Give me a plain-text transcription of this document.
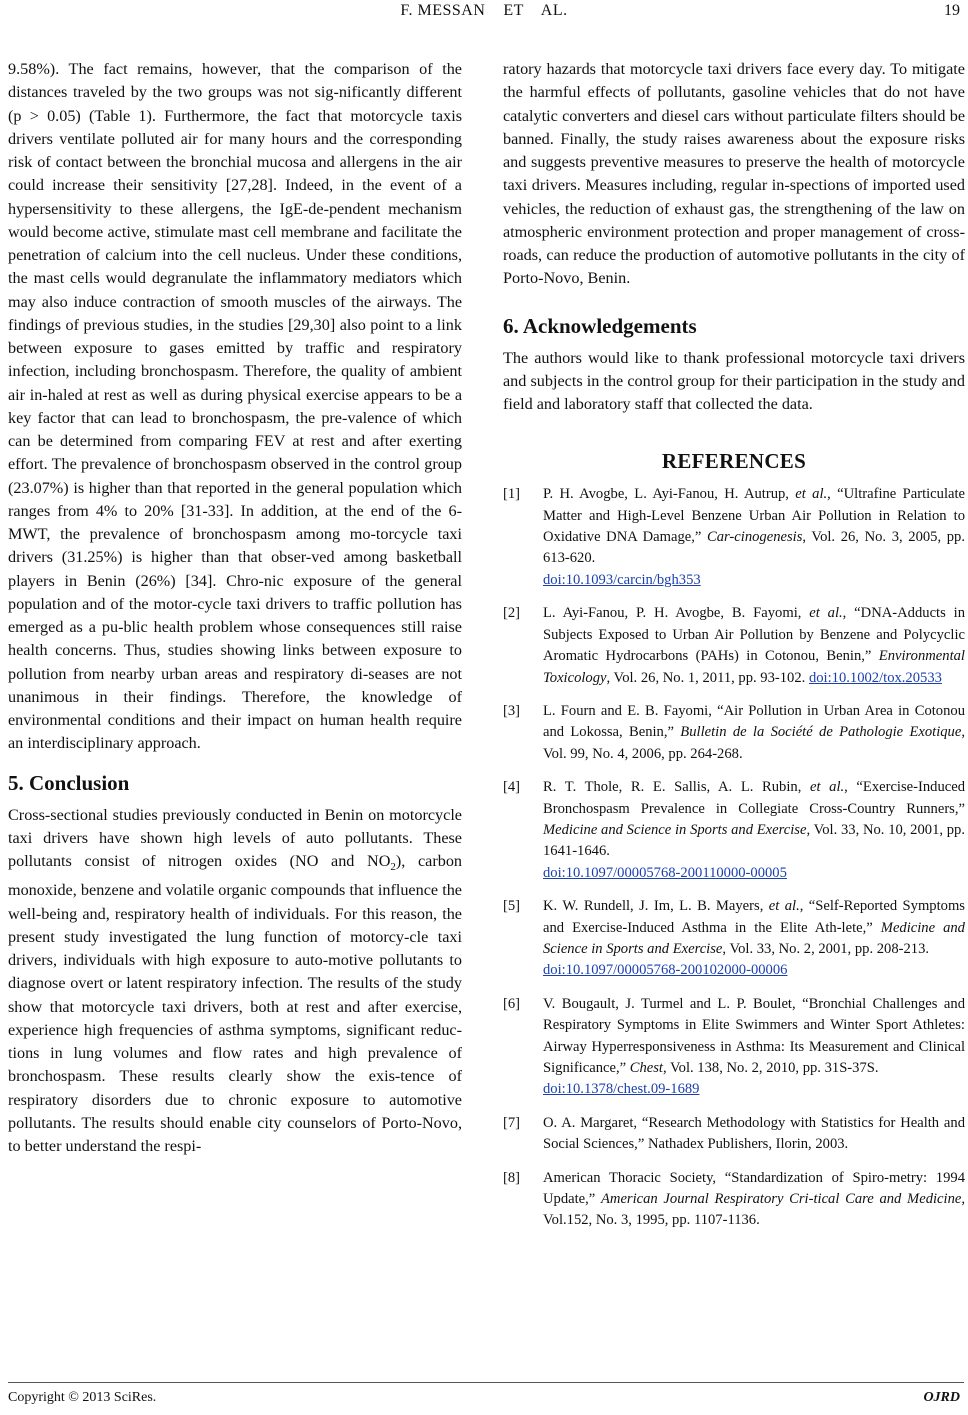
F. MESSAN    ET    AL.	19

9.58%). The fact remains, however, that the comparison of the distances traveled by the two groups was not sig-nificantly different (p > 0.05) (Table 1). Furthermore, the fact that motorcycle taxis drivers ventilate polluted air for many hours and the corresponding risk of contact between the bronchial mucosa and allergens in the air could increase their sensitivity [27,28]. Indeed, in the event of a hypersensitivity to these allergens, the IgE-de-pendent mechanism would become active, stimulate mast cell membrane and facilitate the penetration of calcium into the cell nucleus. Under these conditions, the mast cells would degranulate the inflammatory mediators which may also induce contraction of smooth muscles of the airways. The findings of previous studies, in the studies [29,30] also point to a link between exposure to gases emitted by traffic and respiratory infection, including bronchospasm. Therefore, the quality of ambient air in-haled at rest as well as during physical exercise appears to be a key factor that can lead to bronchospasm, the pre-valence of which can be determined from comparing FEV at rest and after exerting effort. The prevalence of bronchospasm observed in the control group (23.07%) is higher than that reported in the general population which ranges from 4% to 20% [31-33]. In addition, at the end of the 6-MWT, the prevalence of bronchospasm among mo-torcycle taxi drivers (31.25%) is higher than that obser-ved among basketball players in Benin (26%) [34]. Chro-nic exposure of the general population and of the motor-cycle taxi drivers to traffic pollution has emerged as a pu-blic health problem whose consequences still raise health concerns. Thus, studies showing links between exposure to pollution from nearby urban areas and respiratory di-seases are not unanimous in their findings. Therefore, the knowledge of environmental conditions and their impact on human health require an interdisciplinary approach.

5. Conclusion

Cross-sectional studies previously conducted in Benin on motorcycle taxi drivers have shown high levels of auto pollutants. These pollutants consist of nitrogen oxides (NO and $NO_2$), carbon monoxide, benzene and volatile organic compounds that influence the well-being and, respiratory health of individuals. For this reason, the present study investigated the lung function of motorcy-cle taxi drivers, individuals with high exposure to auto-motive pollutants to diagnose overt or latent respiratory infection. The results of the study show that motorcycle taxi drivers, both at rest and after exercise, experience high frequencies of asthma symptoms, significant reduc-tions in lung volumes and flow rates and high prevalence of bronchospasm. These results clearly show the exis-tence of respiratory disorders due to chronic exposure to automotive pollutants. The results should enable city counselors of Porto-Novo, to better understand the respi-

ratory hazards that motorcycle taxi drivers face every day. To mitigate the harmful effects of pollutants, gasoline vehicles that do not have catalytic converters and diesel cars without particulate filters should be banned. Finally, the study raises awareness about the exposure risks and suggests preventive measures to preserve the health of motorcycle taxi drivers. Measures including, regular in-spections of imported used vehicles, the reduction of exhaust gas, the strengthening of the law on atmospheric environment protection and proper management of cross-roads, can reduce the production of automotive pollutants in the city of Porto-Novo, Benin.

6. Acknowledgements

The authors would like to thank professional motorcycle taxi drivers and subjects in the control group for their participation in the study and field and laboratory staff that collected the data.

REFERENCES
[1] P. H. Avogbe, L. Ayi-Fanou, H. Autrup, et al., “Ultrafine Particulate Matter and High-Level Benzene Urban Air Pollution in Relation to Oxidative DNA Damage,” Car-cinogenesis, Vol. 26, No. 3, 2005, pp. 613-620.
doi:10.1093/carcin/bgh353
[2] L. Ayi-Fanou, P. H. Avogbe, B. Fayomi, et al., “DNA-Adducts in Subjects Exposed to Urban Air Pollution by Benzene and Polycyclic Aromatic Hydrocarbons (PAHs) in Cotonou, Benin,” Environmental Toxicology, Vol. 26, No. 1, 2011, pp. 93-102. doi:10.1002/tox.20533
[3] L. Fourn and E. B. Fayomi, “Air Pollution in Urban Area in Cotonou and Lokossa, Benin,” Bulletin de la Société de Pathologie Exotique, Vol. 99, No. 4, 2006, pp. 264-268.
[4] R. T. Thole, R. E. Sallis, A. L. Rubin, et al., “Exercise-Induced Bronchospasm Prevalence in Collegiate Cross-Country Runners,” Medicine and Science in Sports and Exercise, Vol. 33, No. 10, 2001, pp. 1641-1646.
doi:10.1097/00005768-200110000-00005
[5] K. W. Rundell, J. Im, L. B. Mayers, et al., “Self-Reported Symptoms and Exercise-Induced Asthma in the Elite Ath-lete,” Medicine and Science in Sports and Exercise, Vol. 33, No. 2, 2001, pp. 208-213.
doi:10.1097/00005768-200102000-00006
[6] V. Bougault, J. Turmel and L. P. Boulet, “Bronchial Challenges and Respiratory Symptoms in Elite Swimmers and Winter Sport Athletes: Airway Hyperresponsiveness in Asthma: Its Measurement and Clinical Significance,” Chest, Vol. 138, No. 2, 2010, pp. 31S-37S.
doi:10.1378/chest.09-1689
[7] O. A. Margaret, “Research Methodology with Statistics for Health and Social Sciences,” Nathadex Publishers, Ilorin, 2003.
[8] American Thoracic Society, “Standardization of Spiro-metry: 1994 Update,” American Journal Respiratory Cri-tical Care and Medicine, Vol.152, No. 3, 1995, pp. 1107-1136.
Copyright © 2013 SciRes.	OJRD
